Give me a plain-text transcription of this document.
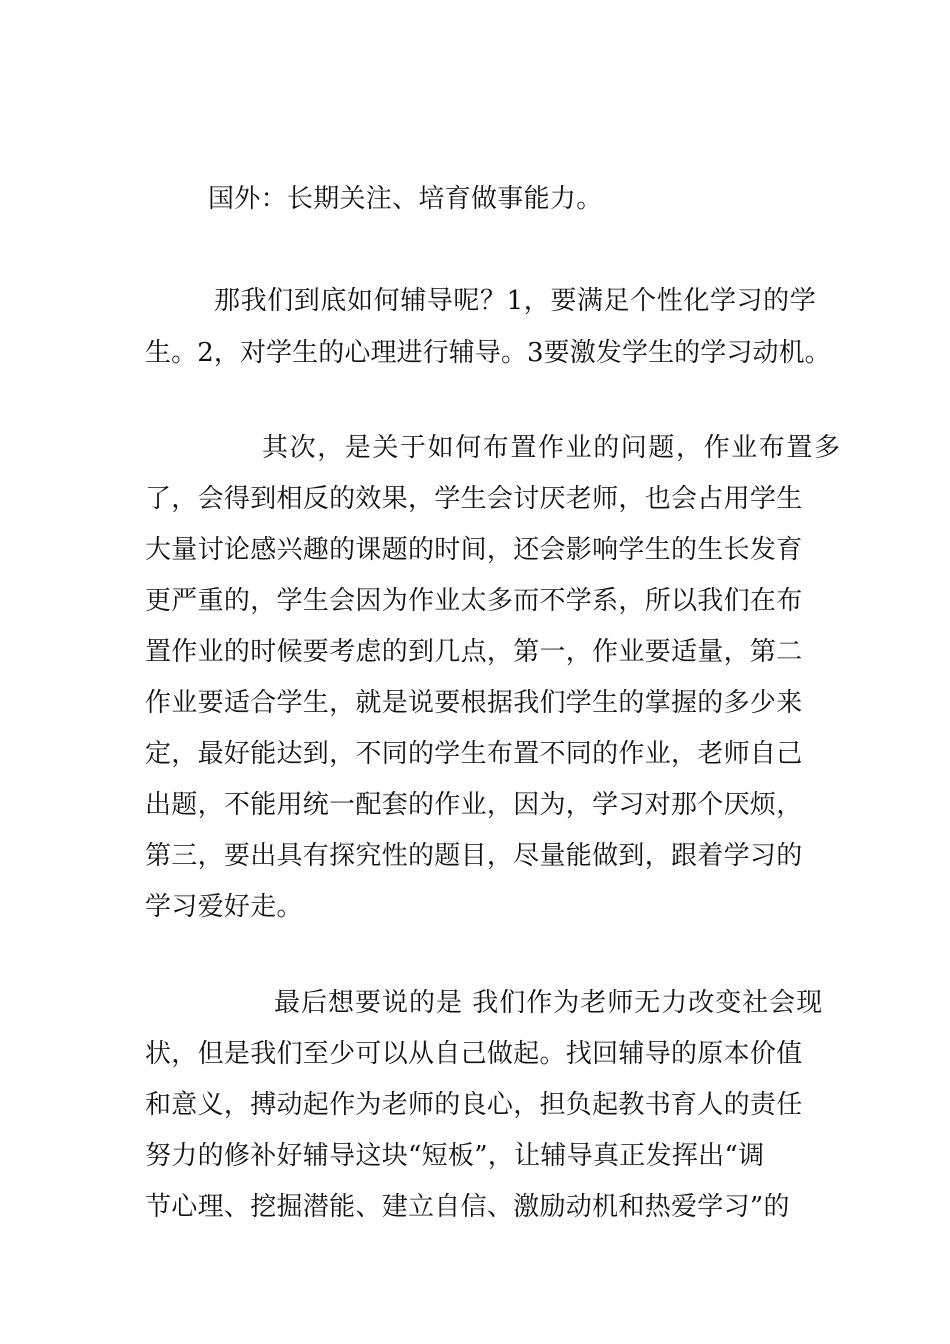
国外：长期关注、培育做事能力。
那我们到底如何辅导呢？1，要满足个性化学习的学
生。2，对学生的心理进行辅导。3要激发学生的学习动机。
其次，是关于如何布置作业的问题，作业布置多
了，会得到相反的效果，学生会讨厌老师，也会占用学生
大量讨论感兴趣的课题的时间，还会影响学生的生长发育
更严重的，学生会因为作业太多而不学系，所以我们在布
置作业的时候要考虑的到几点，第一，作业要适量，第二
作业要适合学生，就是说要根据我们学生的掌握的多少来
定，最好能达到，不同的学生布置不同的作业，老师自己
出题，不能用统一配套的作业，因为，学习对那个厌烦，
第三，要出具有探究性的题目，尽量能做到，跟着学习的
学习爱好走。
最后想要说的是 我们作为老师无力改变社会现
状，但是我们至少可以从自己做起。找回辅导的原本价值
和意义，搏动起作为老师的良心，担负起教书育人的责任
努力的修补好辅导这块“短板”，让辅导真正发挥出“调
节心理、挖掘潜能、建立自信、激励动机和热爱学习”的
